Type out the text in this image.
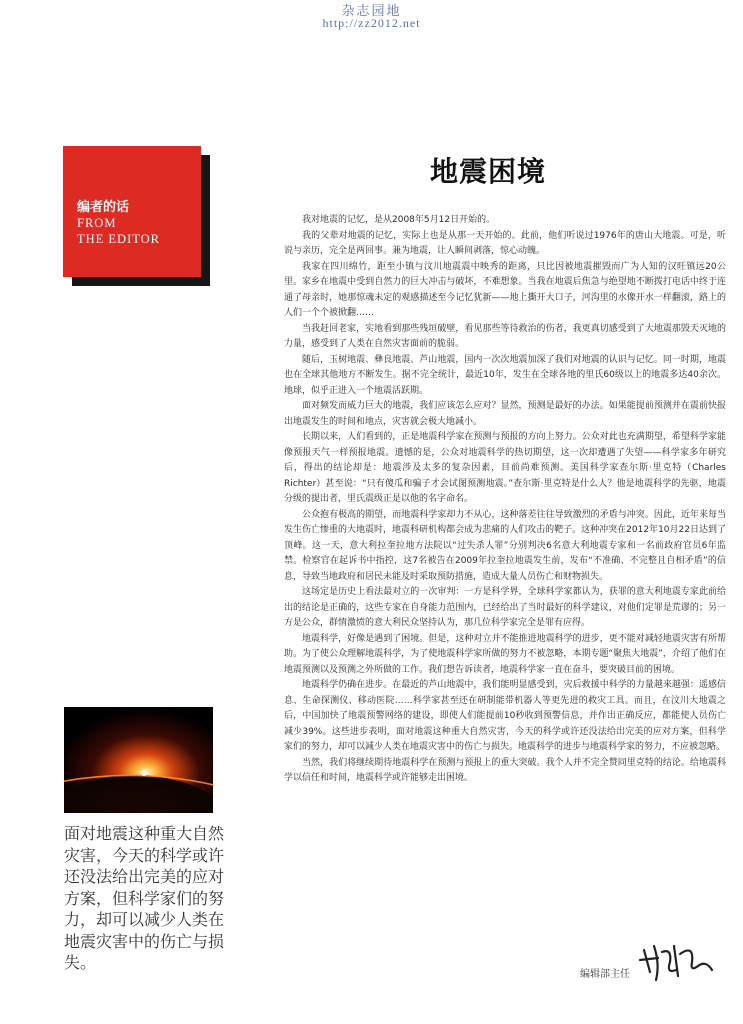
杂志园地
http://zz2012.net
编者的话
FROM
THE EDITOR
地震困境

我对地震的记忆，是从2008年5月12日开始的。

我的父辈对地震的记忆，实际上也是从那一天开始的。此前，他们听说过1976年的唐山大地震。可是，听说与亲历，完全是两回事。兼为地震，让人瞬间剥落，惊心动魄。

我家在四川绵竹，距至小镇与汶川地震震中映秀的距离，只比因被地震摧毁而广为人知的汉旺镇远20公里。家乡在地震中受到自然力的巨大冲击与破坏，不难想象。当我在地震后焦急与绝望地不断拨打电话中终于连通了母亲时，她那惊魂未定的观感描述至今记忆犹新——地上撕开大口子，河沟里的水像开水一样翻滚，路上的人们一个个被掀翻……

当我赶回老家，实地看到那些残垣破壁，看见那些等待救治的伤者，我更真切感受到了大地震那毁天灭地的力量，感受到了人类在自然灾害面前的脆弱。

随后，玉树地震、彝良地震、芦山地震，国内一次次地震加深了我们对地震的认识与记忆。同一时期，地震也在全球其他地方不断发生。据不完全统计，最近10年，发生在全球各地的里氏60级以上的地震多达40余次。地球，似乎正进入一个地震活跃期。

面对频发而威力巨大的地震，我们应该怎么应对？显然，预测是最好的办法。如果能提前预测并在震前快报出地震发生的时间和地点，灾害就会极大地减小。

长期以来，人们看到的，正是地震科学家在预测与预报的方向上努力。公众对此也充满期望，希望科学家能像预报天气一样预报地震。遗憾的是，公众对地震科学的热切期望，这一次却遭遇了失望——科学家多年研究后，得出的结论却是：地震涉及太多的复杂因素，目前尚难预测。美国科学家查尔斯·里克特（Charles Richter）甚至说：“只有傻瓜和骗子才会试图预测地震。”查尔斯·里克特是什么人？他是地震科学的先驱，地震分级的提出者，里氏震级正是以他的名字命名。

公众抱有极高的期望，而地震科学家却力不从心，这种落差往往导致激烈的矛盾与冲突。因此，近年来每当发生伤亡惨重的大地震时，地震科研机构都会成为悲痛的人们攻击的靶子。这种冲突在2012年10月22日达到了顶峰。这一天，意大利拉奎拉地方法院以“过失杀人罪”分别判决6名意大利地震专家和一名前政府官员6年监禁。检察官在起诉书中指控，这7名被告在2009年拉奎拉地震发生前，发布“不准确、不完整且自相矛盾”的信息，导致当地政府和居民未能及时采取预防措施，造成大量人员伤亡和财物损失。

这场定是历史上看法最对立的一次审判：一方是科学界，全球科学家都认为，获罪的意大利地震专家此前给出的结论是正确的，这些专家在自身能力范围内，已经给出了当时最好的科学建议，对他们定罪是荒谬的；另一方是公众，群情激愤的意大利民众坚持认为，那几位科学家完全是罪有应得。

地震科学，好像是遇到了困境。但是，这种对立并不能推进地震科学的进步，更不能对减轻地震灾害有所帮助。为了使公众理解地震科学，为了使地震科学家所做的努力不被忽略，本期专题“聚焦大地震”，介绍了他们在地震预测以及预测之外所做的工作。我们想告诉读者，地震科学家一直在奋斗，要突破目前的困境。

地震科学仍确在进步。在最近的芦山地震中，我们能明显感受到，灾后救援中科学的力量越来越强：遥感信息、生命探测仪、移动医院……科学家甚至还在研制能带机器人等更先进的救灾工具。而且，在汶川大地震之后，中国加快了地震预警网络的建设，即使人们能提前10秒收到预警信息，并作出正确反应，都能使人员伤亡减少39%。这些进步表明，面对地震这种重大自然灾害，今天的科学或许还没法给出完美的应对方案，但科学家们的努力，却可以减少人类在地震灾害中的伤亡与损失。地震科学的进步与地震科学家的努力，不应被忽略。

当然，我们将继续期待地震科学在预测与预报上的重大突破。我个人并不完全赞同里克特的结论。给地震科学以信任和时间，地震科学或许能够走出困境。

面对地震这种重大自然灾害，今天的科学或许还没法给出完美的应对方案，但科学家们的努力，却可以减少人类在地震灾害中的伤亡与损失。
编辑部主任
